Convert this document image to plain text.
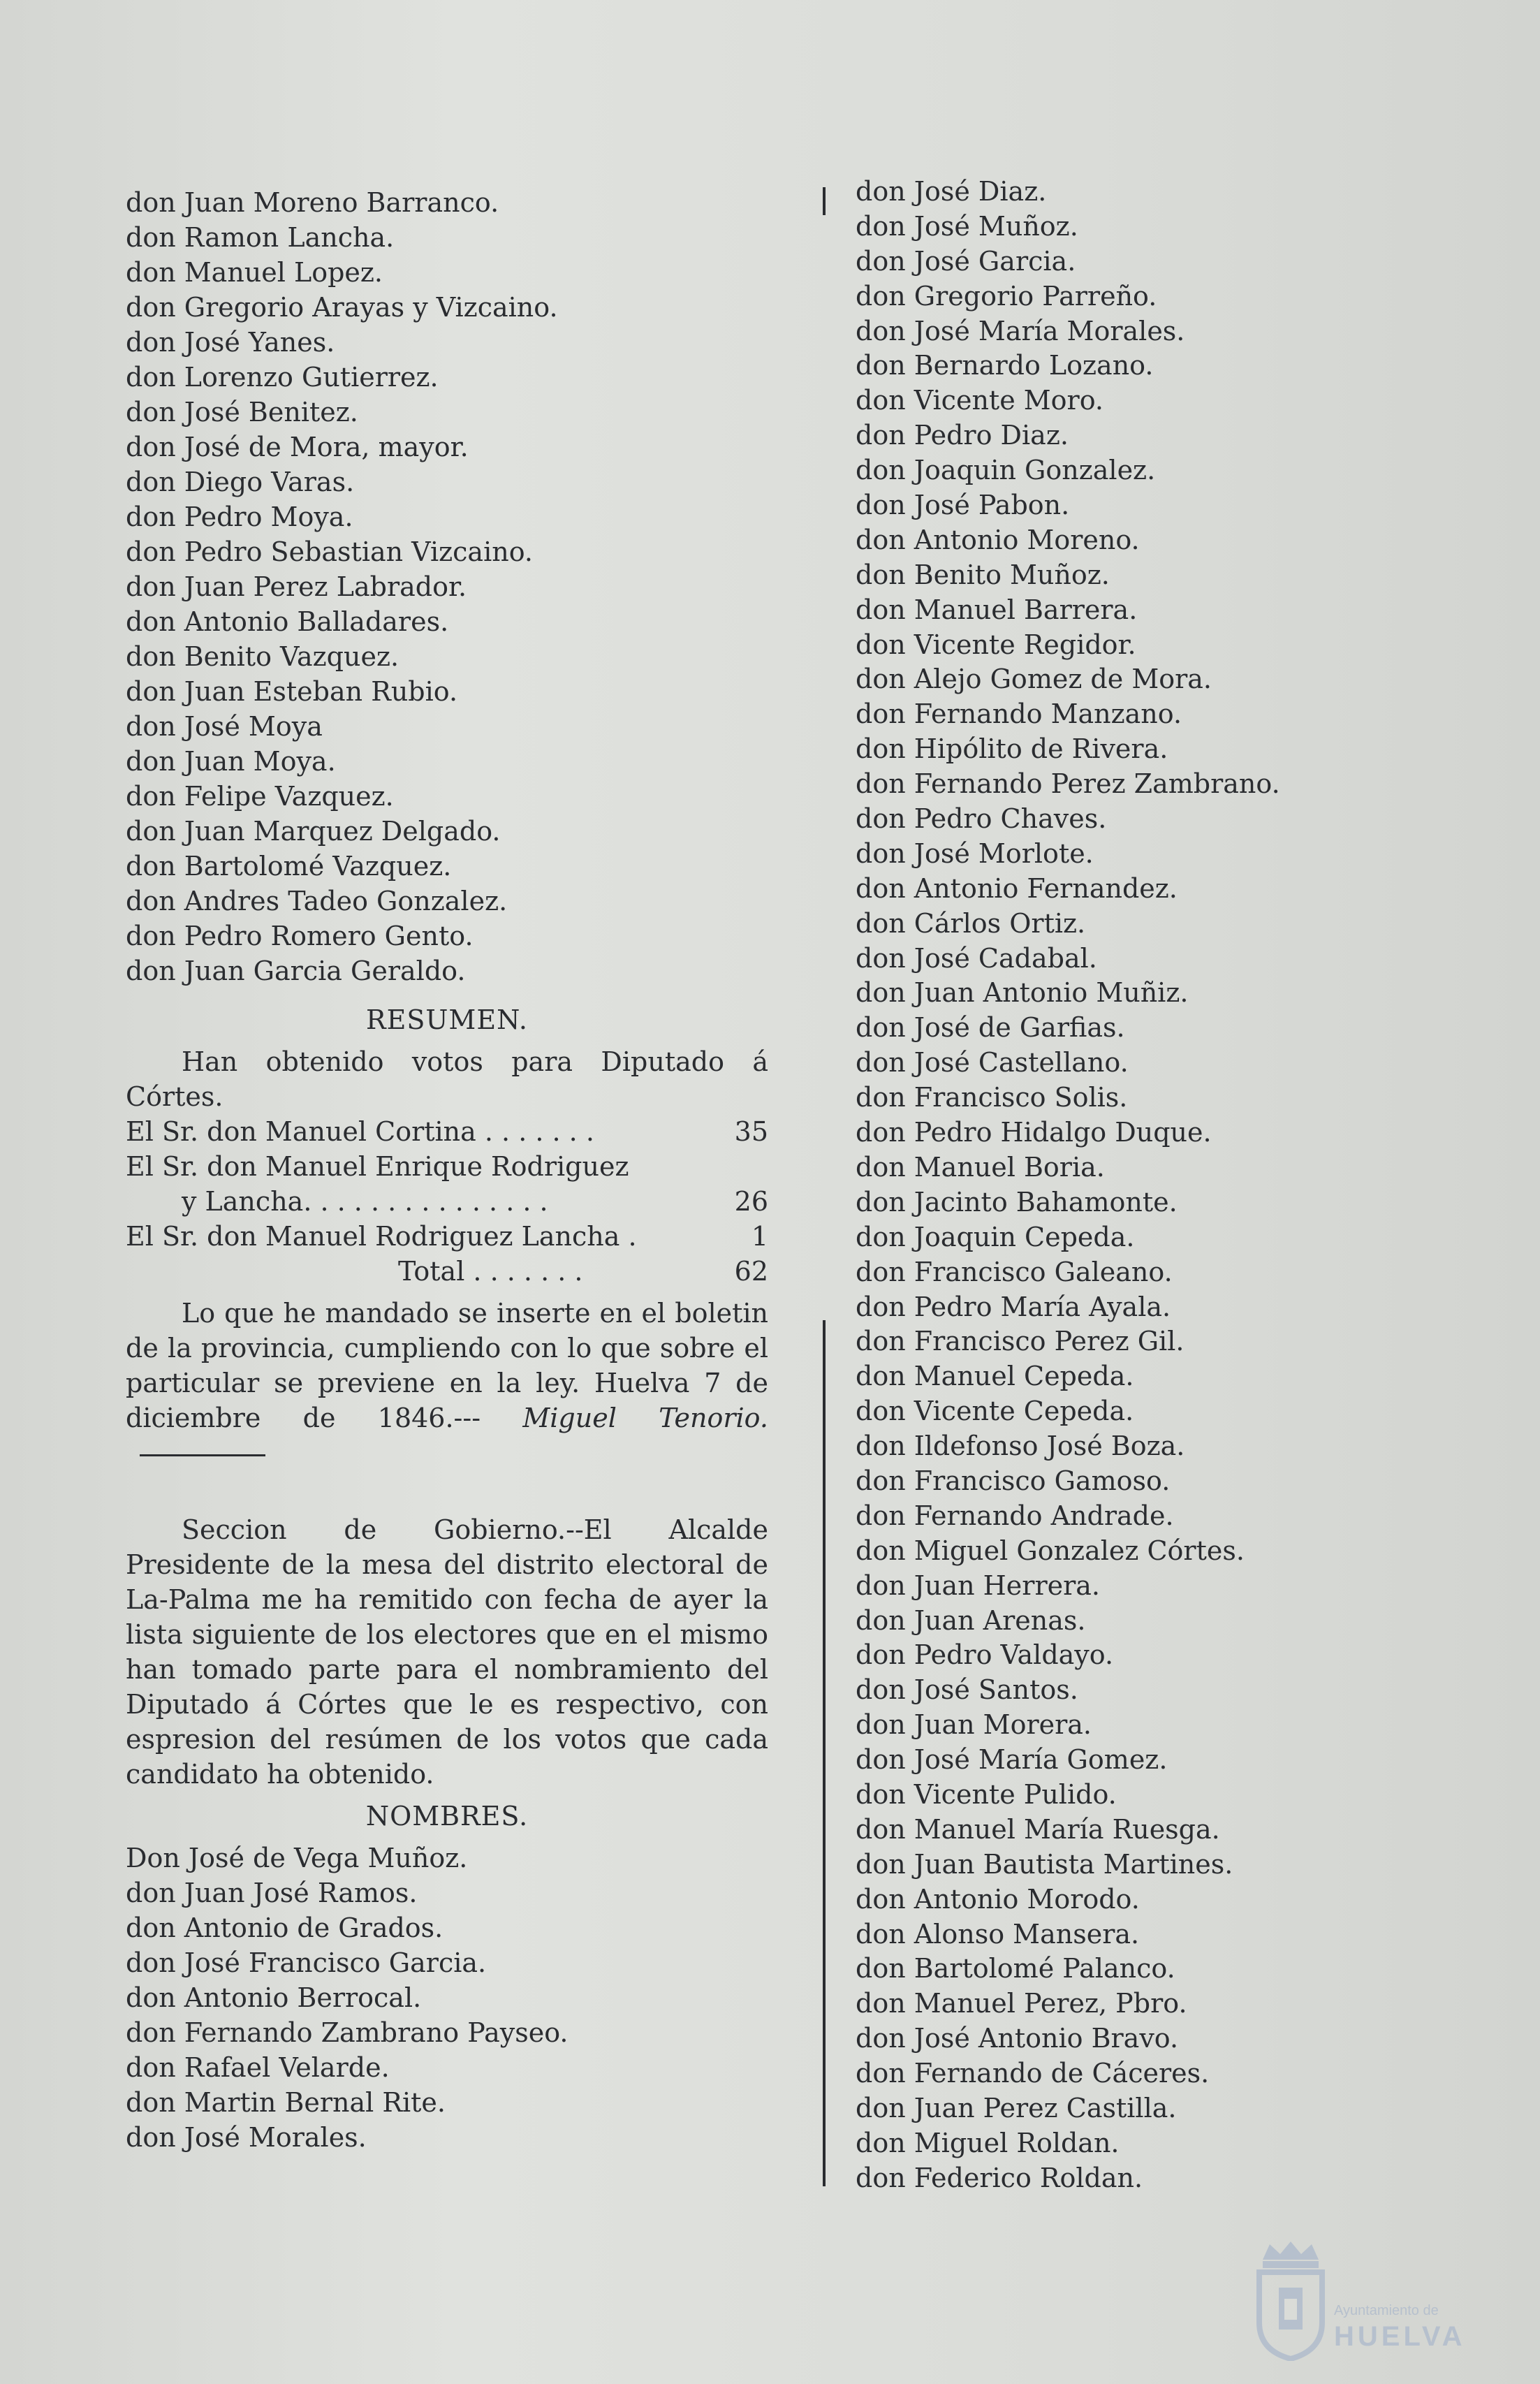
don Juan Moreno Barranco.
don Ramon Lancha.
don Manuel Lopez.
don Gregorio Arayas y Vizcaino.
don José Yanes.
don Lorenzo Gutierrez.
don José Benitez.
don José de Mora, mayor.
don Diego Varas.
don Pedro Moya.
don Pedro Sebastian Vizcaino.
don Juan Perez Labrador.
don Antonio Balladares.
don Benito Vazquez.
don Juan Esteban Rubio.
don José Moya
don Juan Moya.
don Felipe Vazquez.
don Juan Marquez Delgado.
don Bartolomé Vazquez.
don Andres Tadeo Gonzalez.
don Pedro Romero Gento.
don Juan Garcia Geraldo.
RESUMEN.

Han obtenido votos para Diputado á Córtes.

El Sr. don Manuel Cortina . . . . . . .	35
El Sr. don Manuel Enrique Rodriguez
y Lancha. . . . . . . . . . . . . . .	26
El Sr. don Manuel Rodriguez Lancha .	1
Total . . . . . . .	62

Lo que he mandado se inserte en el boletin de la provincia, cumpliendo con lo que sobre el particular se previene en la ley. Huelva 7 de diciembre de 1846.--- Miguel Tenorio.

Seccion de Gobierno.--El Alcalde Presidente de la mesa del distrito electoral de La-Palma me ha remitido con fecha de ayer la lista siguiente de los electores que en el mismo han tomado parte para el nombramiento del Diputado á Córtes que le es respectivo, con espresion del resúmen de los votos que cada candidato ha obtenido.

NOMBRES.
Don José de Vega Muñoz.
don Juan José Ramos.
don Antonio de Grados.
don José Francisco Garcia.
don Antonio Berrocal.
don Fernando Zambrano Payseo.
don Rafael Velarde.
don Martin Bernal Rite.
don José Morales.
don José Diaz.
don José Muñoz.
don José Garcia.
don Gregorio Parreño.
don José María Morales.
don Bernardo Lozano.
don Vicente Moro.
don Pedro Diaz.
don Joaquin Gonzalez.
don José Pabon.
don Antonio Moreno.
don Benito Muñoz.
don Manuel Barrera.
don Vicente Regidor.
don Alejo Gomez de Mora.
don Fernando Manzano.
don Hipólito de Rivera.
don Fernando Perez Zambrano.
don Pedro Chaves.
don José Morlote.
don Antonio Fernandez.
don Cárlos Ortiz.
don José Cadabal.
don Juan Antonio Muñiz.
don José de Garfias.
don José Castellano.
don Francisco Solis.
don Pedro Hidalgo Duque.
don Manuel Boria.
don Jacinto Bahamonte.
don Joaquin Cepeda.
don Francisco Galeano.
don Pedro María Ayala.
don Francisco Perez Gil.
don Manuel Cepeda.
don Vicente Cepeda.
don Ildefonso José Boza.
don Francisco Gamoso.
don Fernando Andrade.
don Miguel Gonzalez Córtes.
don Juan Herrera.
don Juan Arenas.
don Pedro Valdayo.
don José Santos.
don Juan Morera.
don José María Gomez.
don Vicente Pulido.
don Manuel María Ruesga.
don Juan Bautista Martines.
don Antonio Morodo.
don Alonso Mansera.
don Bartolomé Palanco.
don Manuel Perez, Pbro.
don José Antonio Bravo.
don Fernando de Cáceres.
don Juan Perez Castilla.
don Miguel Roldan.
don Federico Roldan.
Ayuntamiento de
HUELVA
